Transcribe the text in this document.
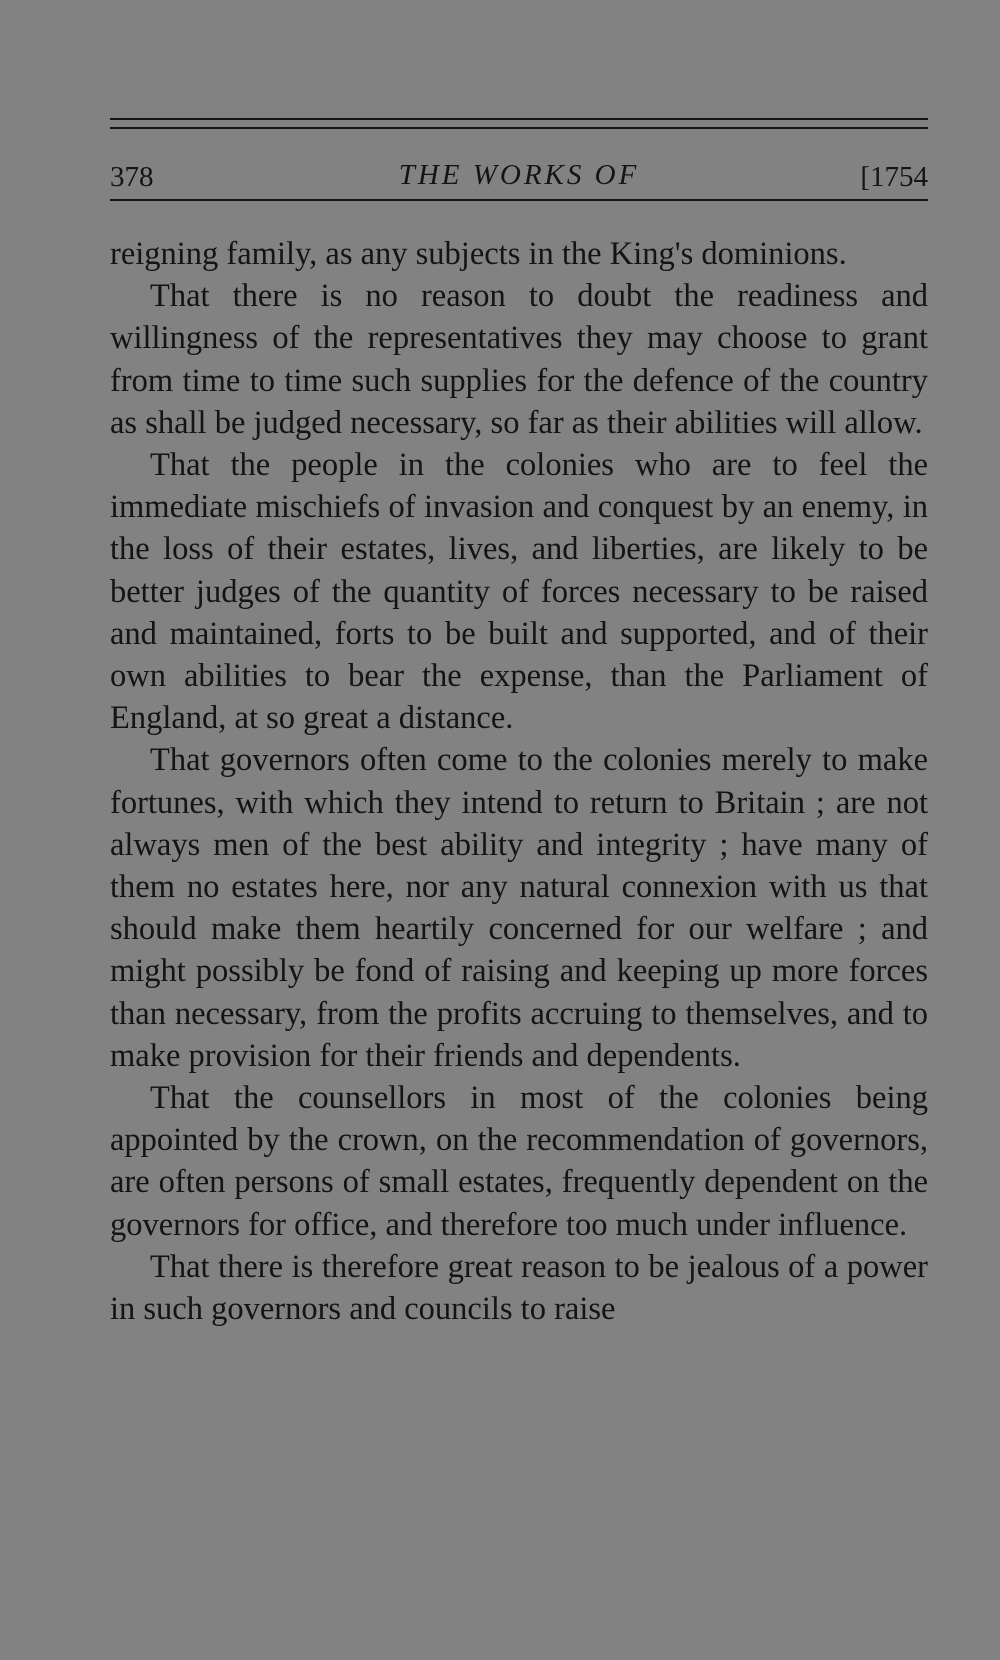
378	THE WORKS OF	[1754

reigning family, as any subjects in the King's dominions.

That there is no reason to doubt the readiness and willingness of the representatives they may choose to grant from time to time such supplies for the defence of the country as shall be judged necessary, so far as their abilities will allow.

That the people in the colonies who are to feel the immediate mischiefs of invasion and conquest by an enemy, in the loss of their estates, lives, and liberties, are likely to be better judges of the quantity of forces necessary to be raised and maintained, forts to be built and supported, and of their own abilities to bear the expense, than the Parliament of England, at so great a distance.

That governors often come to the colonies merely to make fortunes, with which they intend to return to Britain ; are not always men of the best ability and integrity ; have many of them no estates here, nor any natural connexion with us that should make them heartily concerned for our welfare ; and might possibly be fond of raising and keeping up more forces than necessary, from the profits accruing to themselves, and to make provision for their friends and dependents.

That the counsellors in most of the colonies being appointed by the crown, on the recommendation of governors, are often persons of small estates, frequently dependent on the governors for office, and therefore too much under influence.

That there is therefore great reason to be jealous of a power in such governors and councils to raise
